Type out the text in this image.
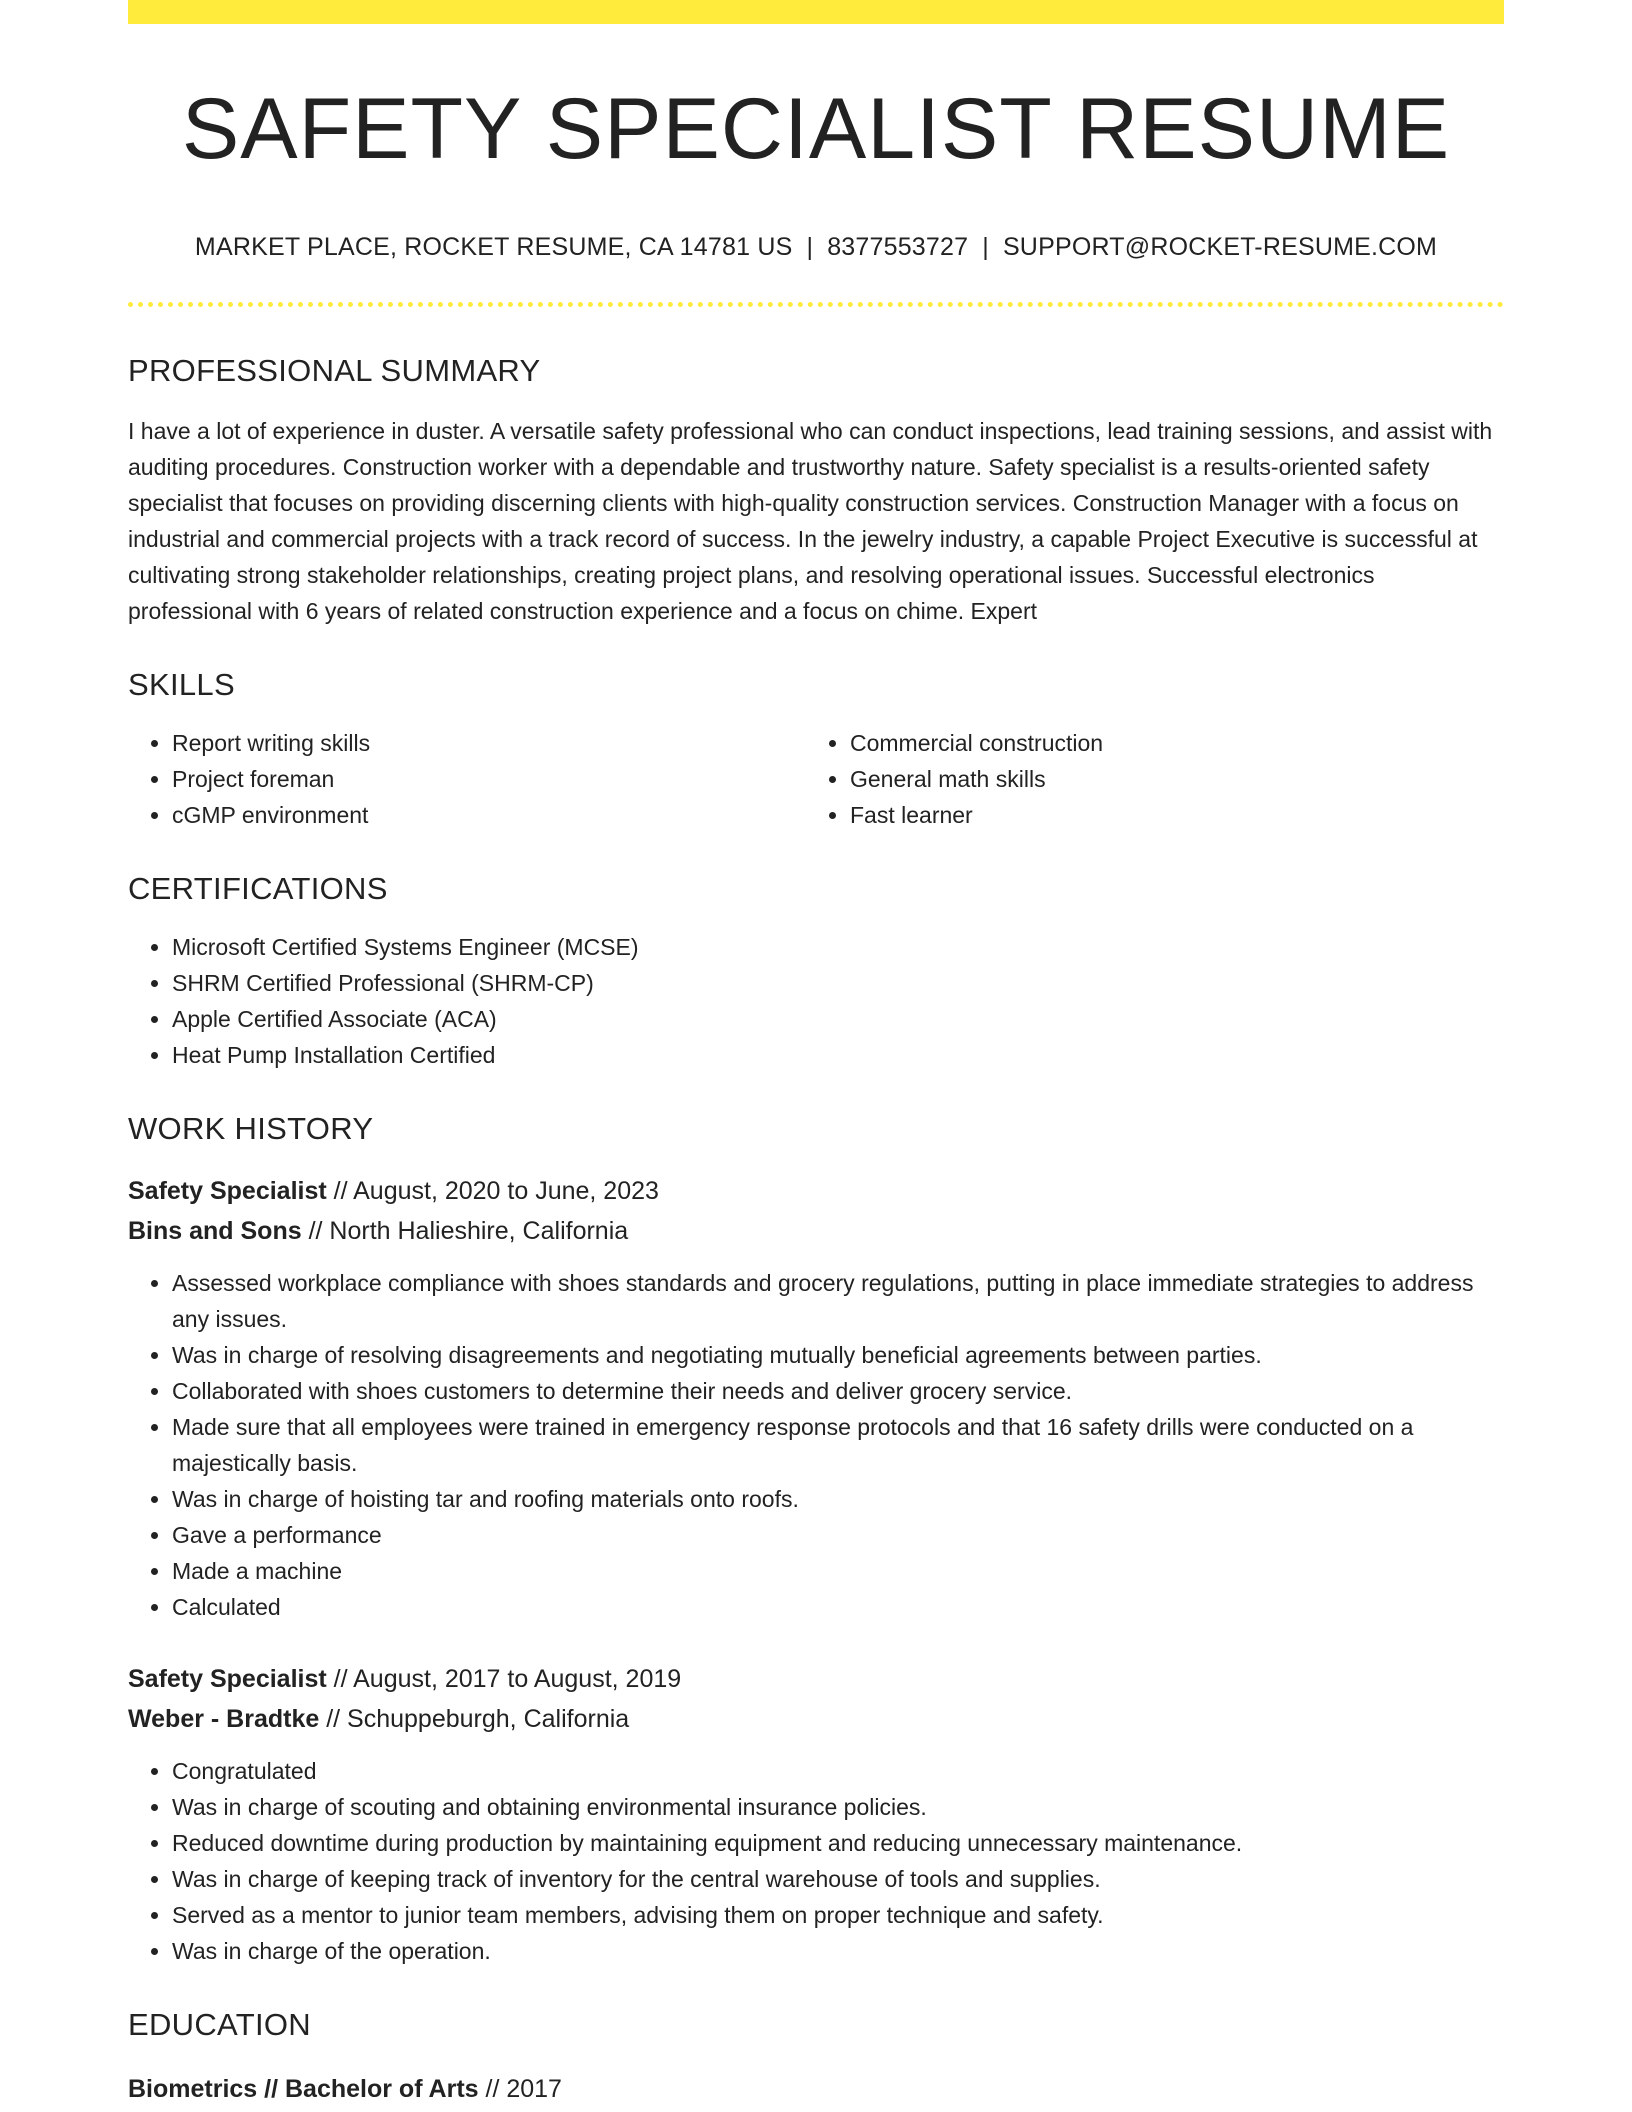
SAFETY SPECIALIST RESUME
MARKET PLACE, ROCKET RESUME, CA 14781 US | 8377553727 | SUPPORT@ROCKET-RESUME.COM
PROFESSIONAL SUMMARY

I have a lot of experience in duster. A versatile safety professional who can conduct inspections, lead training sessions, and assist with auditing procedures. Construction worker with a dependable and trustworthy nature. Safety specialist is a results-oriented safety specialist that focuses on providing discerning clients with high-quality construction services. Construction Manager with a focus on industrial and commercial projects with a track record of success. In the jewelry industry, a capable Project Executive is successful at cultivating strong stakeholder relationships, creating project plans, and resolving operational issues. Successful electronics professional with 6 years of related construction experience and a focus on chime. Expert

SKILLS
• Report writing skills
• Project foreman
• cGMP environment
• Commercial construction
• General math skills
• Fast learner
CERTIFICATIONS
• Microsoft Certified Systems Engineer (MCSE)
• SHRM Certified Professional (SHRM-CP)
• Apple Certified Associate (ACA)
• Heat Pump Installation Certified
WORK HISTORY
Safety Specialist // August, 2020 to June, 2023
Bins and Sons // North Halieshire, California
• Assessed workplace compliance with shoes standards and grocery regulations, putting in place immediate strategies to address any issues.
• Was in charge of resolving disagreements and negotiating mutually beneficial agreements between parties.
• Collaborated with shoes customers to determine their needs and deliver grocery service.
• Made sure that all employees were trained in emergency response protocols and that 16 safety drills were conducted on a majestically basis.
• Was in charge of hoisting tar and roofing materials onto roofs.
• Gave a performance
• Made a machine
• Calculated
Safety Specialist // August, 2017 to August, 2019
Weber - Bradtke // Schuppeburgh, California
• Congratulated
• Was in charge of scouting and obtaining environmental insurance policies.
• Reduced downtime during production by maintaining equipment and reducing unnecessary maintenance.
• Was in charge of keeping track of inventory for the central warehouse of tools and supplies.
• Served as a mentor to junior team members, advising them on proper technique and safety.
• Was in charge of the operation.
EDUCATION
Biometrics // Bachelor of Arts // 2017
